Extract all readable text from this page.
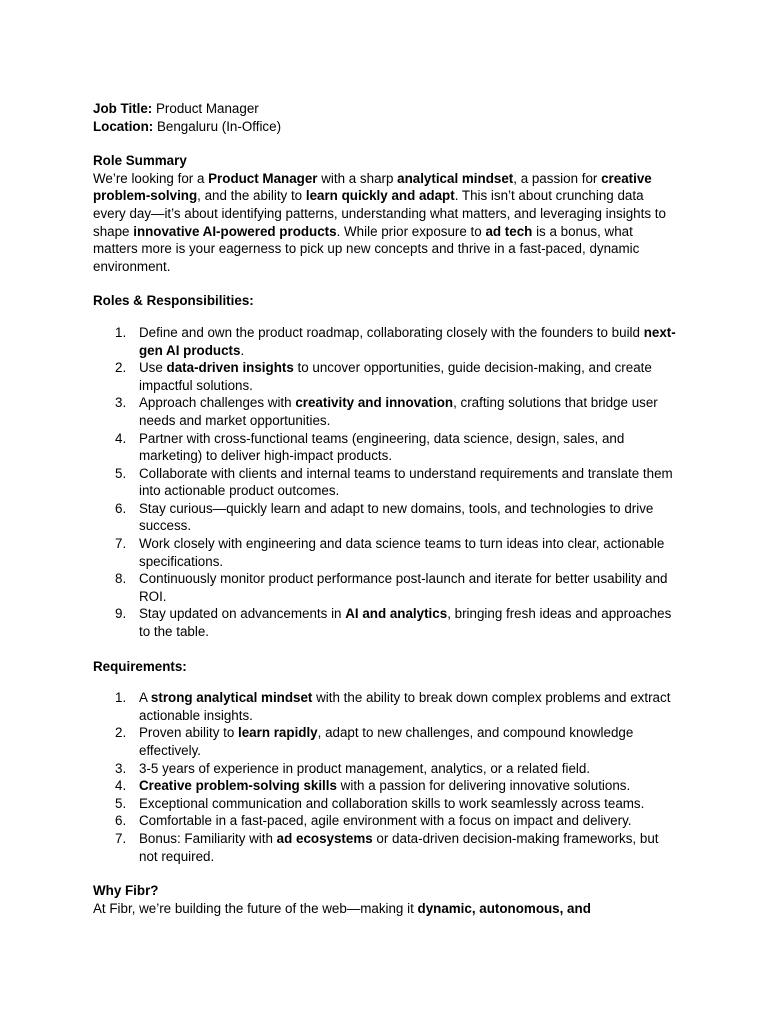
Job Title: Product Manager

Location: Bengaluru (In-Office)

Role Summary

We’re looking for a Product Manager with a sharp analytical mindset, a passion for creative problem-solving, and the ability to learn quickly and adapt. This isn’t about crunching data every day—it’s about identifying patterns, understanding what matters, and leveraging insights to shape innovative AI-powered products. While prior exposure to ad tech is a bonus, what matters more is your eagerness to pick up new concepts and thrive in a fast-paced, dynamic environment.

Roles & Responsibilities:

1. Define and own the product roadmap, collaborating closely with the founders to build next-gen AI products.
2. Use data-driven insights to uncover opportunities, guide decision-making, and create impactful solutions.
3. Approach challenges with creativity and innovation, crafting solutions that bridge user needs and market opportunities.
4. Partner with cross-functional teams (engineering, data science, design, sales, and marketing) to deliver high-impact products.
5. Collaborate with clients and internal teams to understand requirements and translate them into actionable product outcomes.
6. Stay curious—quickly learn and adapt to new domains, tools, and technologies to drive success.
7. Work closely with engineering and data science teams to turn ideas into clear, actionable specifications.
8. Continuously monitor product performance post-launch and iterate for better usability and ROI.
9. Stay updated on advancements in AI and analytics, bringing fresh ideas and approaches to the table.

Requirements:

1. A strong analytical mindset with the ability to break down complex problems and extract actionable insights.
2. Proven ability to learn rapidly, adapt to new challenges, and compound knowledge effectively.
3. 3-5 years of experience in product management, analytics, or a related field.
4. Creative problem-solving skills with a passion for delivering innovative solutions.
5. Exceptional communication and collaboration skills to work seamlessly across teams.
6. Comfortable in a fast-paced, agile environment with a focus on impact and delivery.
7. Bonus: Familiarity with ad ecosystems or data-driven decision-making frameworks, but not required.

Why Fibr?

At Fibr, we’re building the future of the web—making it dynamic, autonomous, and
